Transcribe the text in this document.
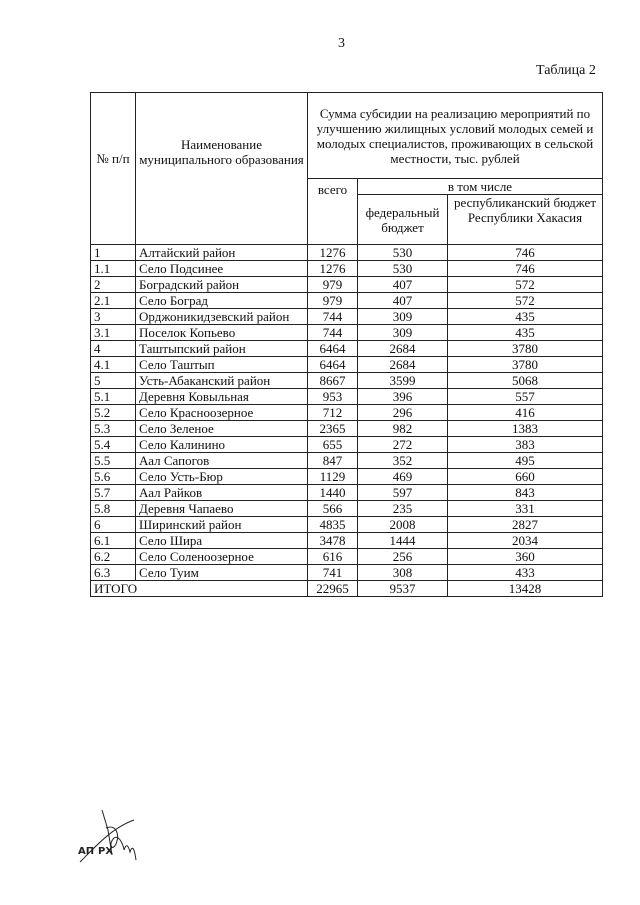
3
Таблица 2
№ п/п	Наименование муниципального образования	Сумма субсидии на реализацию мероприятий по улучшению жилищных условий молодых семей и молодых специалистов, проживающих в сельской местности, тыс. рублей		
		всего	в том числе	
			федеральный бюджет	республиканский бюджет Республики Хакасия
1	Алтайский район	1276	530	746
1.1	Село Подсинее	1276	530	746
2	Боградский район	979	407	572
2.1	Село Боград	979	407	572
3	Орджоникидзевский район	744	309	435
3.1	Поселок Копьево	744	309	435
4	Таштыпский район	6464	2684	3780
4.1	Село Таштып	6464	2684	3780
5	Усть-Абаканский район	8667	3599	5068
5.1	Деревня Ковыльная	953	396	557
5.2	Село Красноозерное	712	296	416
5.3	Село Зеленое	2365	982	1383
5.4	Село Калинино	655	272	383
5.5	Аал Сапогов	847	352	495
5.6	Село Усть-Бюр	1129	469	660
5.7	Аал Райков	1440	597	843
5.8	Деревня Чапаево	566	235	331
6	Ширинский район	4835	2008	2827
6.1	Село Шира	3478	1444	2034
6.2	Село Соленоозерное	616	256	360
6.3	Село Туим	741	308	433
ИТОГО		22965	9537	13428
АП РХ
